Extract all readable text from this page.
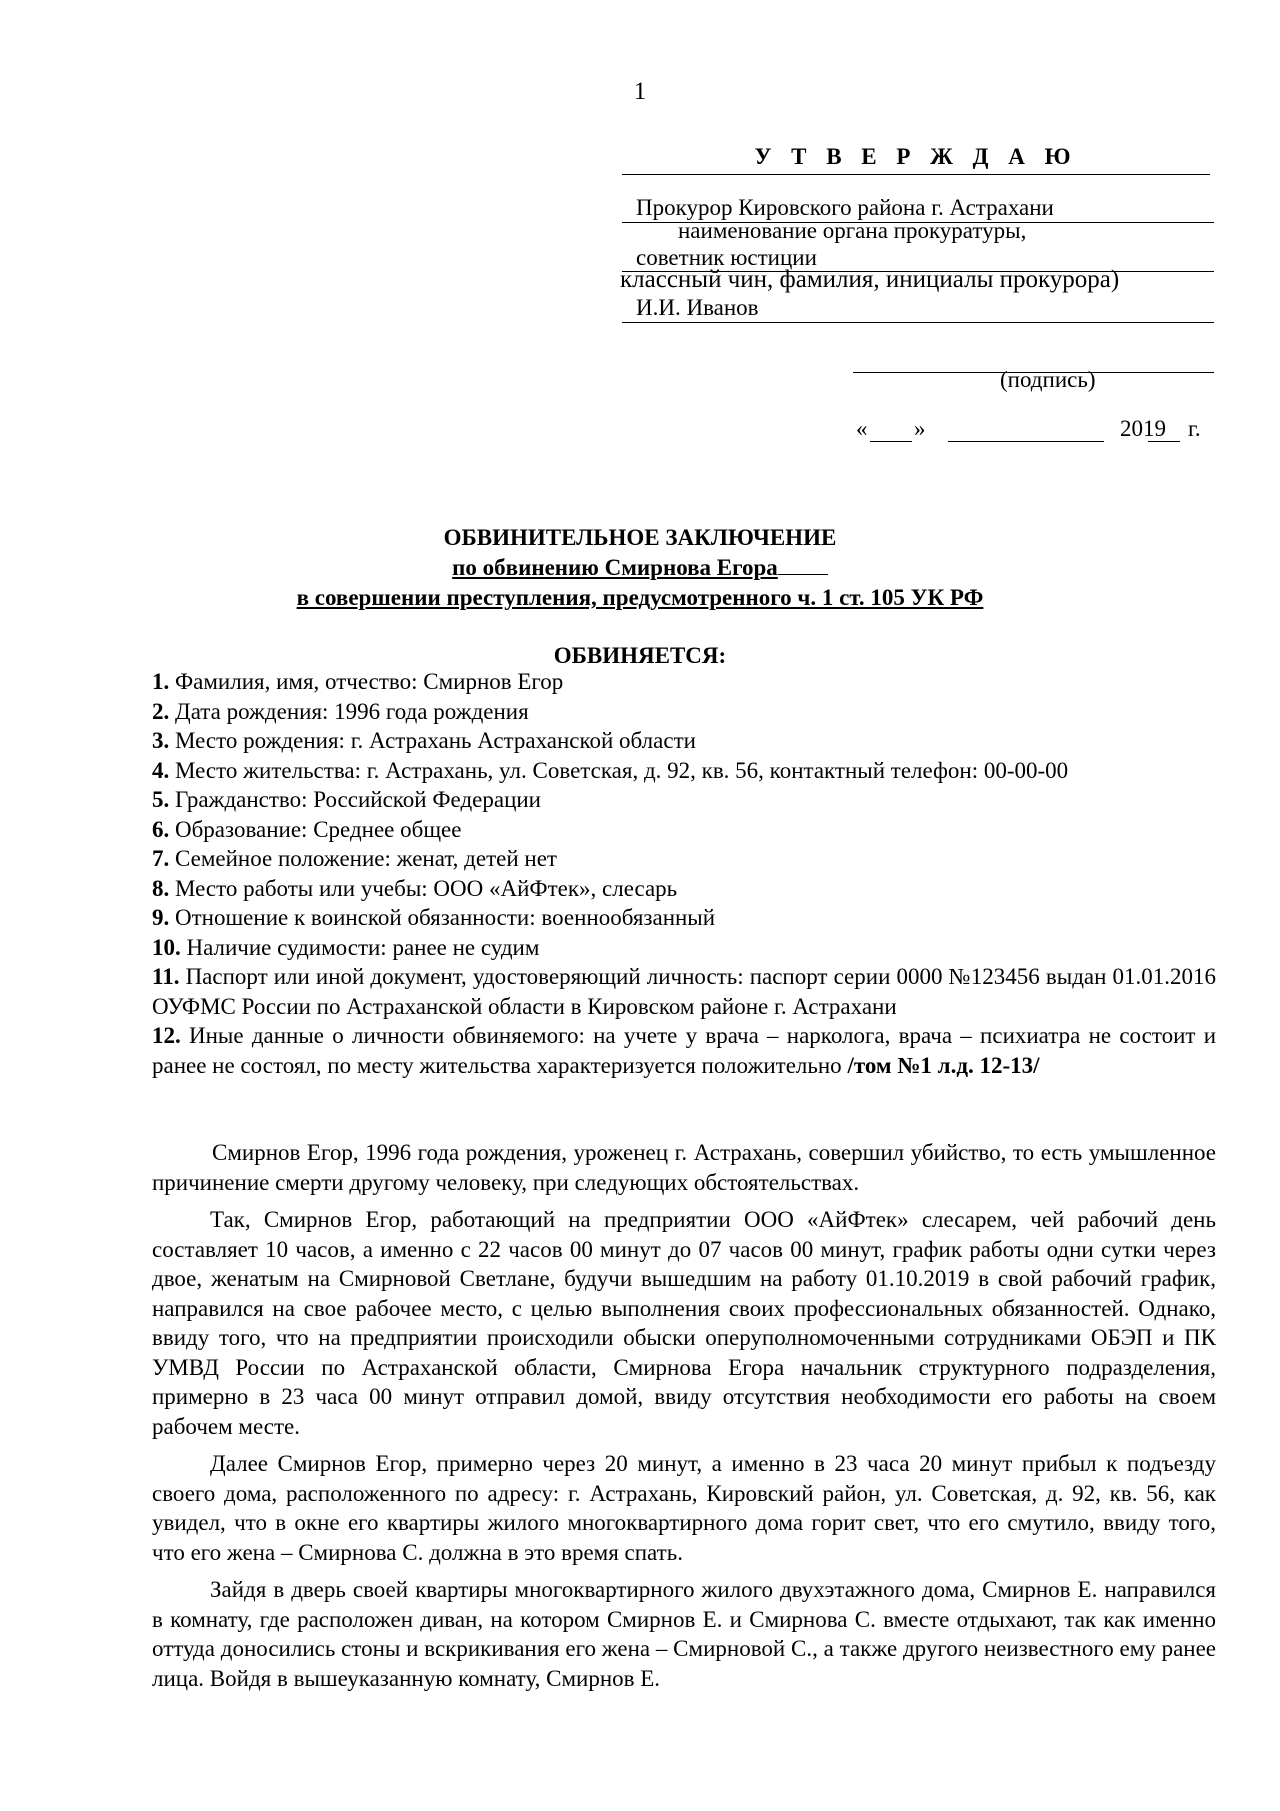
1
У Т В Е Р Ж Д А Ю
Прокурор Кировского района г. Астрахани
наименование органа прокуратуры,
советник юстиции
классный чин, фамилия, инициалы прокурора)
И.И. Иванов
(подпись)
« »	2019 г.
ОБВИНИТЕЛЬНОЕ ЗАКЛЮЧЕНИЕ
по обвинению Смирнова Егора
в совершении преступления, предусмотренного ч. 1 ст. 105 УК РФ
ОБВИНЯЕТСЯ:

1. Фамилия, имя, отчество: Смирнов Егор

2. Дата рождения: 1996 года рождения

3. Место рождения: г. Астрахань Астраханской области

4. Место жительства: г. Астрахань, ул. Советская, д. 92, кв. 56, контактный телефон: 00-00-00

5. Гражданство: Российской Федерации

6. Образование: Среднее общее

7. Семейное положение: женат, детей нет

8. Место работы или учебы: ООО «АйФтек», слесарь

9. Отношение к воинской обязанности: военнообязанный

10. Наличие судимости: ранее не судим

11. Паспорт или иной документ, удостоверяющий личность: паспорт серии 0000 №123456 выдан 01.01.2016 ОУФМС России по Астраханской области в Кировском районе г. Астрахани

12. Иные данные о личности обвиняемого: на учете у врача – нарколога, врача – психиатра не состоит и ранее не состоял, по месту жительства характеризуется положительно /том №1 л.д. 12-13/

Смирнов Егор, 1996 года рождения, уроженец г. Астрахань, совершил убийство, то есть умышленное причинение смерти другому человеку, при следующих обстоятельствах.

Так, Смирнов Егор, работающий на предприятии ООО «АйФтек» слесарем, чей рабочий день составляет 10 часов, а именно с 22 часов 00 минут до 07 часов 00 минут, график работы одни сутки через двое, женатым на Смирновой Светлане, будучи вышедшим на работу 01.10.2019 в свой рабочий график, направился на свое рабочее место, с целью выполнения своих профессиональных обязанностей. Однако, ввиду того, что на предприятии происходили обыски оперуполномоченными сотрудниками ОБЭП и ПК УМВД России по Астраханской области, Смирнова Егора начальник структурного подразделения, примерно в 23 часа 00 минут отправил домой, ввиду отсутствия необходимости его работы на своем рабочем месте.

Далее Смирнов Егор, примерно через 20 минут, а именно в 23 часа 20 минут прибыл к подъезду своего дома, расположенного по адресу: г. Астрахань, Кировский район, ул. Советская, д. 92, кв. 56, как увидел, что в окне его квартиры жилого многоквартирного дома горит свет, что его смутило, ввиду того, что его жена – Смирнова С. должна в это время спать.

Зайдя в дверь своей квартиры многоквартирного жилого двухэтажного дома, Смирнов Е. направился в комнату, где расположен диван, на котором Смирнов Е. и Смирнова С. вместе отдыхают, так как именно оттуда доносились стоны и вскрикивания его жена – Смирновой С., а также другого неизвестного ему ранее лица. Войдя в вышеуказанную комнату, Смирнов Е.
